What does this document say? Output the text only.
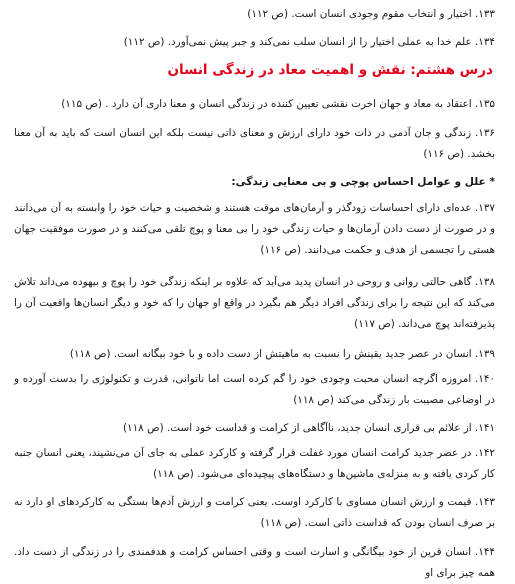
۱۳۳. اختیار و انتخاب مقوم وجودی انسان است. (ص ۱۱۲)

۱۳۴. علم خدا به عملی اختیار را از انسان سلب نمی‌کند و جبر پیش نمی‌آورد. (ص ۱۱۲)

درس هشتم: نقش و اهمیت معاد در زندگی انسان

۱۳۵. اعتقاد به معاد و جهان اخرت نقشی تعیین کننده در زندگی انسان و معنا داری آن دارد . (ص ۱۱۵)

۱۳۶. زندگی و جان آدمی در ذات خود دارای ارزش و معنای ذاتی نیست بلکه این انسان است که باید به آن معنا بخشد. (ص ۱۱۶)

* علل و عوامل احساس پوچی و بی معنایی زندگی:

۱۳۷. عده‌ای دارای احساسات زودگذر و آرمان‌های موقت هستند و شخصیت و حیات خود را وابسته به آن می‌دانند و در صورت از دست دادن آرمان‌ها و حیات زندگی خود را بی معنا و پوچ تلقی می‌کنند و در صورت موفقیت جهان هستی را تجسمی از هدف و حکمت می‌دانند. (ص ۱۱۶)

۱۳۸. گاهی حالتی روانی و روحی در انسان پدید می‌آید که علاوه بر اینکه زندگی خود را پوچ و بیهوده می‌داند تلاش می‌کند که این نتیجه را برای زندگی افراد دیگر هم بگیرد در واقع او جهان را که خود و دیگر انسان‌ها واقعیت آن را پذیرفته‌اند پوچ می‌داند. (ص ۱۱۷)

۱۳۹. انسان در عصر جدید یقینش را نسبت به ماهیتش از دست داده و با خود بیگانه است. (ص ۱۱۸)

۱۴۰. امروزه اگرچه انسان محبت وجودی خود را گم کرده است اما ناتوانی، قدرت و تکنولوژی را بدست آورده و در اوضاعی مصیبت بار زندگی می‌کند (ص ۱۱۸)

۱۴۱. از علائم بی قراری انسان جدید، ناآگاهی از کرامت و قداست خود است. (ص ۱۱۸)

۱۴۲. در عصر جدید کرامت انسان مورد غفلت قرار گرفته و کارکرد عملی به جای آن می‌نشیند، یعنی انسان جنبه کار کردی یافته و به منزله‌ی ماشین‌ها و دستگاه‌های پیچیده‌ای می‌شود. (ص ۱۱۸)

۱۴۳. قیمت و ارزش انسان مساوی با کارکرد اوست. یعنی کرامت و ارزش آدم‌ها بستگی به کارکردهای او دارد نه بر صرف انسان بودن که قداست ذاتی است. (ص ۱۱۸)

۱۴۴. انسان قرین از خود بیگانگی و اسارت است و وقتی احساس کرامت و هدفمندی را در زندگی از دست داد. همه چیز برای او
